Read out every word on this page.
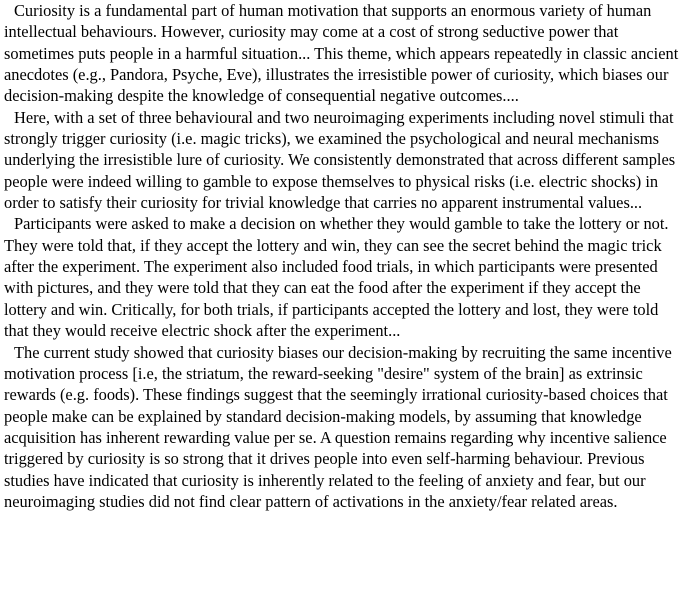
Curiosity is a fundamental part of human motivation that supports an enormous variety of human intellectual behaviours. However, curiosity may come at a cost of strong seductive power that sometimes puts people in a harmful situation... This theme, which appears repeatedly in classic ancient anecdotes (e.g., Pandora, Psyche, Eve), illustrates the irresistible power of curiosity, which biases our decision-making despite the knowledge of consequential negative outcomes....

Here, with a set of three behavioural and two neuroimaging experiments including novel stimuli that strongly trigger curiosity (i.e. magic tricks), we examined the psychological and neural mechanisms underlying the irresistible lure of curiosity. We consistently demonstrated that across different samples people were indeed willing to gamble to expose themselves to physical risks (i.e. electric shocks) in order to satisfy their curiosity for trivial knowledge that carries no apparent instrumental values...

Participants were asked to make a decision on whether they would gamble to take the lottery or not. They were told that, if they accept the lottery and win, they can see the secret behind the magic trick after the experiment. The experiment also included food trials, in which participants were presented with pictures, and they were told that they can eat the food after the experiment if they accept the lottery and win. Critically, for both trials, if participants accepted the lottery and lost, they were told that they would receive electric shock after the experiment...

The current study showed that curiosity biases our decision-making by recruiting the same incentive motivation process [i.e, the striatum, the reward-seeking "desire" system of the brain] as extrinsic rewards (e.g. foods). These findings suggest that the seemingly irrational curiosity-based choices that people make can be explained by standard decision-making models, by assuming that knowledge acquisition has inherent rewarding value per se. A question remains regarding why incentive salience triggered by curiosity is so strong that it drives people into even self-harming behaviour. Previous studies have indicated that curiosity is inherently related to the feeling of anxiety and fear, but our neuroimaging studies did not find clear pattern of activations in the anxiety/fear related areas.
